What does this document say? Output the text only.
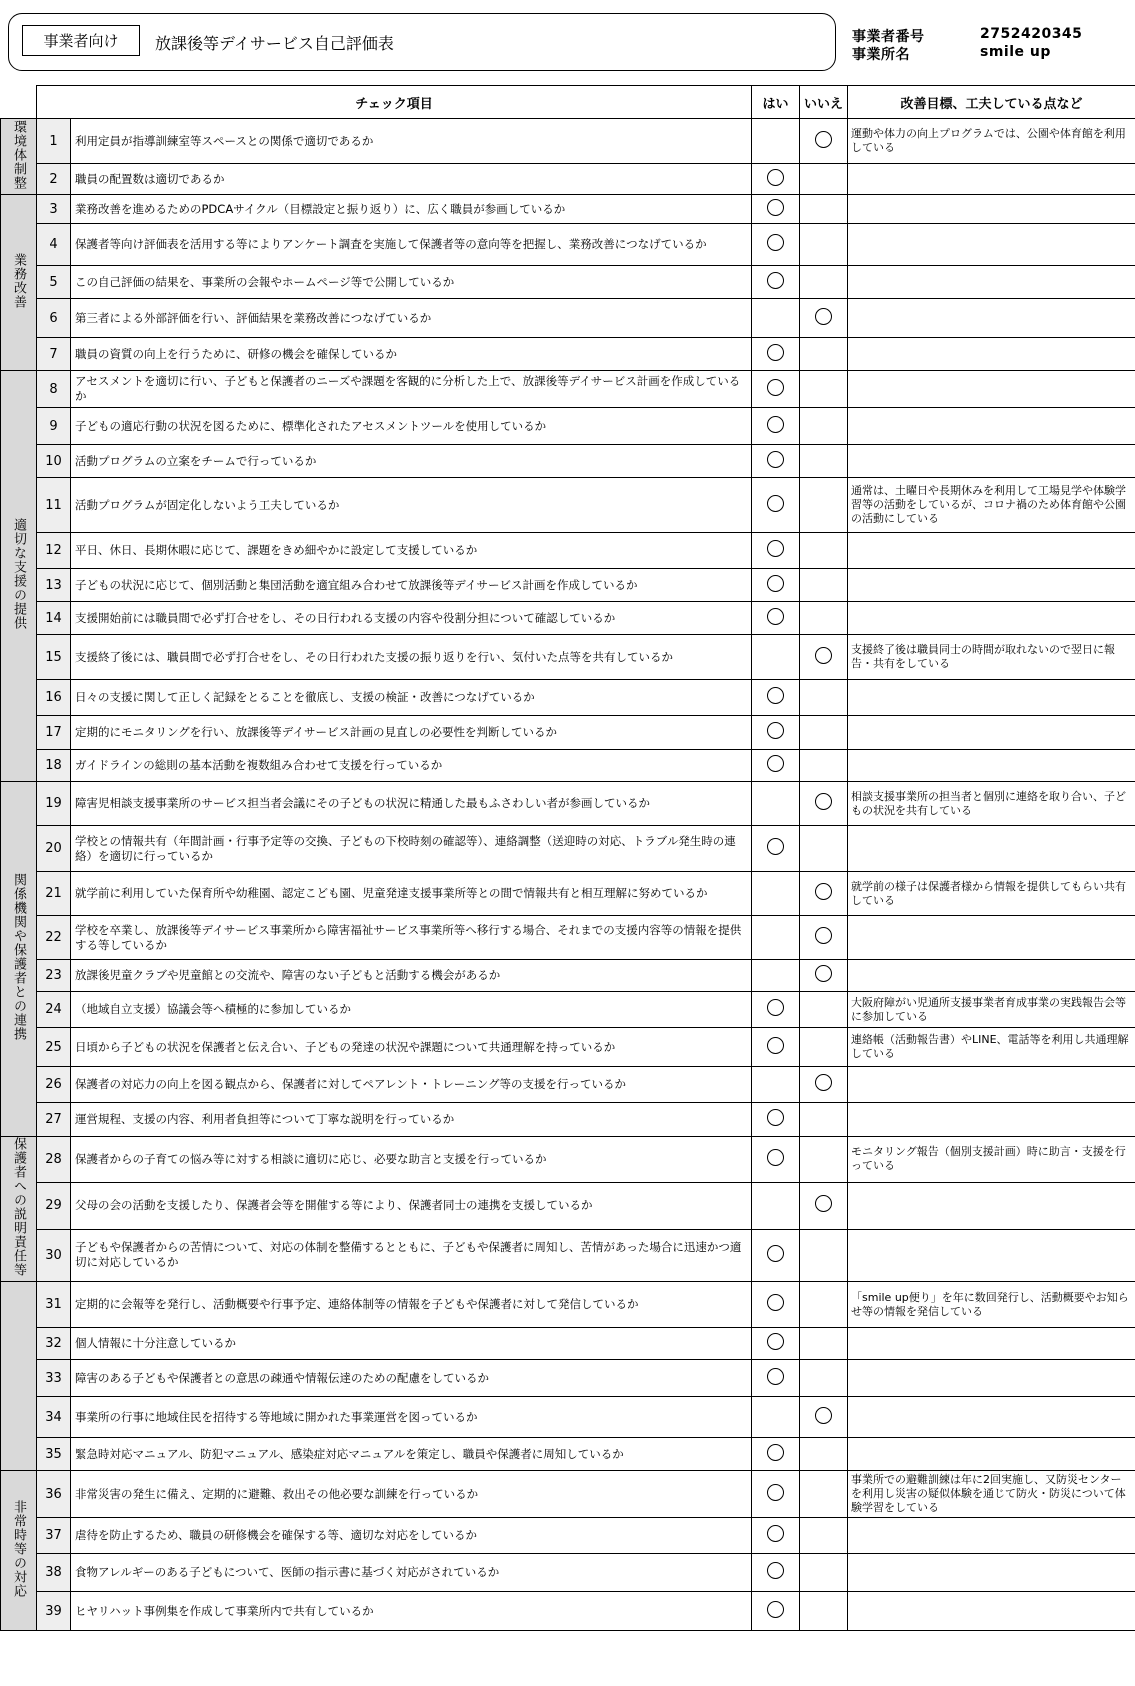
事業者向け	放課後等デイサービス自己評価表	事業者番号	2752420345
事業所名	smile up
	チェック項目		はい	いいえ	改善目標、工夫している点など
環境体制整	1	利用定員が指導訓練室等スペースとの関係で適切であるか			運動や体力の向上プログラムでは、公園や体育館を利用している
	2	職員の配置数は適切であるか			
業務改善	3	業務改善を進めるためのPDCAサイクル（目標設定と振り返り）に、広く職員が参画しているか			
	4	保護者等向け評価表を活用する等によりアンケート調査を実施して保護者等の意向等を把握し、業務改善につなげているか			
	5	この自己評価の結果を、事業所の会報やホームページ等で公開しているか			
	6	第三者による外部評価を行い、評価結果を業務改善につなげているか			
	7	職員の資質の向上を行うために、研修の機会を確保しているか			
適切な支援の提供	8	アセスメントを適切に行い、子どもと保護者のニーズや課題を客観的に分析した上で、放課後等デイサービス計画を作成しているか			
	9	子どもの適応行動の状況を図るために、標準化されたアセスメントツールを使用しているか			
	10	活動プログラムの立案をチームで行っているか			
	11	活動プログラムが固定化しないよう工夫しているか			通常は、土曜日や長期休みを利用して工場見学や体験学習等の活動をしているが、コロナ禍のため体育館や公園の活動にしている
	12	平日、休日、長期休暇に応じて、課題をきめ細やかに設定して支援しているか			
	13	子どもの状況に応じて、個別活動と集団活動を適宜組み合わせて放課後等デイサービス計画を作成しているか			
	14	支援開始前には職員間で必ず打合せをし、その日行われる支援の内容や役割分担について確認しているか			
	15	支援終了後には、職員間で必ず打合せをし、その日行われた支援の振り返りを行い、気付いた点等を共有しているか			支援終了後は職員同士の時間が取れないので翌日に報告・共有をしている
	16	日々の支援に関して正しく記録をとることを徹底し、支援の検証・改善につなげているか			
	17	定期的にモニタリングを行い、放課後等デイサービス計画の見直しの必要性を判断しているか			
	18	ガイドラインの総則の基本活動を複数組み合わせて支援を行っているか			
関係機関や保護者との連携	19	障害児相談支援事業所のサービス担当者会議にその子どもの状況に精通した最もふさわしい者が参画しているか			相談支援事業所の担当者と個別に連絡を取り合い、子どもの状況を共有している
	20	学校との情報共有（年間計画・行事予定等の交換、子どもの下校時刻の確認等）、連絡調整（送迎時の対応、トラブル発生時の連絡）を適切に行っているか			
	21	就学前に利用していた保育所や幼稚園、認定こども園、児童発達支援事業所等との間で情報共有と相互理解に努めているか			就学前の様子は保護者様から情報を提供してもらい共有している
	22	学校を卒業し、放課後等デイサービス事業所から障害福祉サービス事業所等へ移行する場合、それまでの支援内容等の情報を提供する等しているか			
	23	放課後児童クラブや児童館との交流や、障害のない子どもと活動する機会があるか			
	24	（地域自立支援）協議会等へ積極的に参加しているか			大阪府障がい児通所支援事業者育成事業の実践報告会等に参加している
	25	日頃から子どもの状況を保護者と伝え合い、子どもの発達の状況や課題について共通理解を持っているか			連絡帳（活動報告書）やLINE、電話等を利用し共通理解している
	26	保護者の対応力の向上を図る観点から、保護者に対してペアレント・トレーニング等の支援を行っているか			
	27	運営規程、支援の内容、利用者負担等について丁寧な説明を行っているか			
保護者への説明責任等	28	保護者からの子育ての悩み等に対する相談に適切に応じ、必要な助言と支援を行っているか			モニタリング報告（個別支援計画）時に助言・支援を行っている
	29	父母の会の活動を支援したり、保護者会等を開催する等により、保護者同士の連携を支援しているか			
	30	子どもや保護者からの苦情について、対応の体制を整備するとともに、子どもや保護者に周知し、苦情があった場合に迅速かつ適切に対応しているか			
	31	定期的に会報等を発行し、活動概要や行事予定、連絡体制等の情報を子どもや保護者に対して発信しているか			「smile up便り」を年に数回発行し、活動概要やお知らせ等の情報を発信している
	32	個人情報に十分注意しているか			
	33	障害のある子どもや保護者との意思の疎通や情報伝達のための配慮をしているか			
	34	事業所の行事に地域住民を招待する等地域に開かれた事業運営を図っているか			
	35	緊急時対応マニュアル、防犯マニュアル、感染症対応マニュアルを策定し、職員や保護者に周知しているか			
非常時等の対応	36	非常災害の発生に備え、定期的に避難、救出その他必要な訓練を行っているか			事業所での避難訓練は年に2回実施し、又防災センターを利用し災害の疑似体験を通じて防火・防災について体験学習をしている
	37	虐待を防止するため、職員の研修機会を確保する等、適切な対応をしているか			
	38	食物アレルギーのある子どもについて、医師の指示書に基づく対応がされているか			
	39	ヒヤリハット事例集を作成して事業所内で共有しているか			
